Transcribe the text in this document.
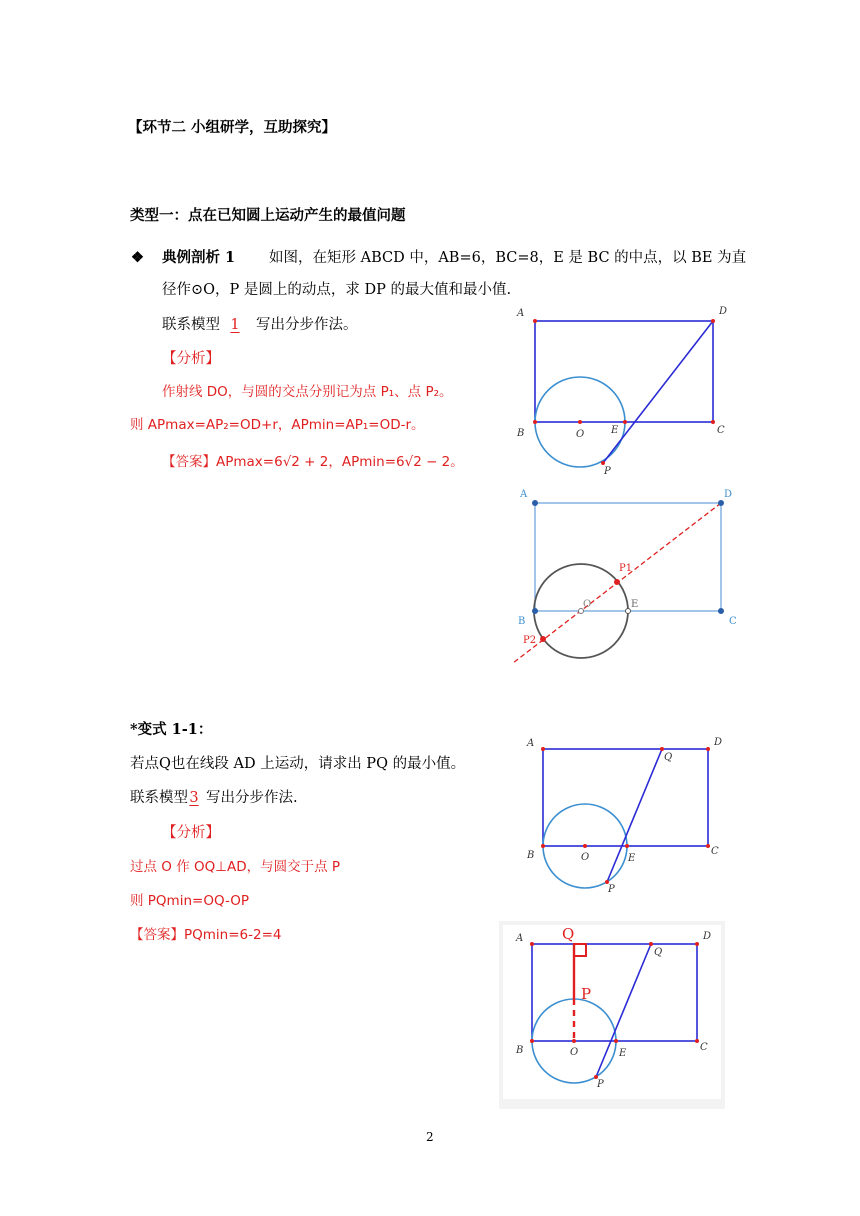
【环节二 小组研学，互助探究】
类型一：点在已知圆上运动产生的最值问题
❖ 典例剖析 1 如图，在矩形 ABCD 中，AB=6，BC=8，E 是 BC 的中点，以 BE 为直
径作⊙O，P 是圆上的动点，求 DP 的最大值和最小值.
联系模型 1 写出分步作法。
【分析】
作射线 DO，与圆的交点分别记为点 P₁、点 P₂。
则 APmax=AP₂=OD+r，APmin=AP₁=OD-r。
【答案】APmax=6√2 + 2，APmin=6√2 − 2。
A	D
B	C
O	E
P
A	D
B	C
O	E
P1
P2
*变式 1-1：
若点Q也在线段 AD 上运动，请求出 PQ 的最小值。
联系模型3 写出分步作法.
【分析】
过点 O 作 OQ⊥AD，与圆交于点 P
则 PQmin=OQ-OP
【答案】PQmin=6-2=4
A	D
Q
B	C
O	E
P
A	D
Q
B	C
O	E
P
Q
P
2
